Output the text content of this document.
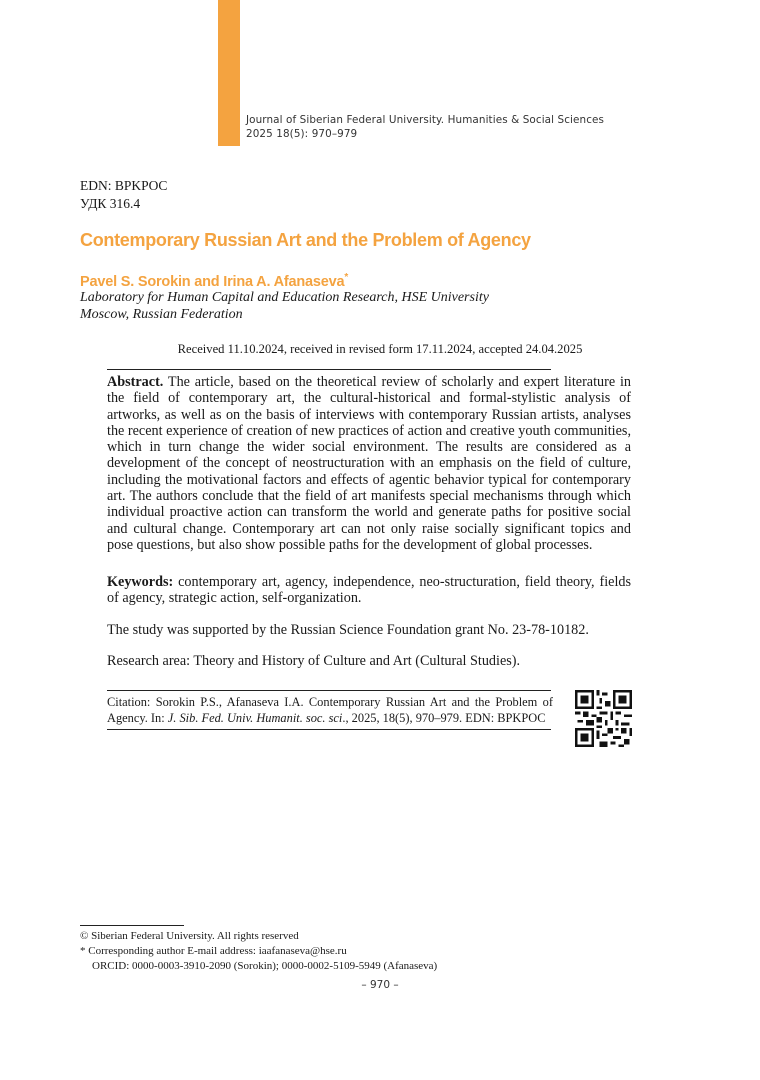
Journal of Siberian Federal University. Humanities & Social Sciences
2025 18(5): 970–979
EDN: BPKPOC
УДК 316.4
Contemporary Russian Art and the Problem of Agency
Pavel S. Sorokin and Irina A. Afanaseva*
Laboratory for Human Capital and Education Research, HSE University
Moscow, Russian Federation
Received 11.10.2024, received in revised form 17.11.2024, accepted 24.04.2025
Abstract. The article, based on the theoretical review of scholarly and expert literature in the field of contemporary art, the cultural-historical and formal-stylistic analysis of artworks, as well as on the basis of interviews with contemporary Russian artists, analyses the recent experience of creation of new practices of action and creative youth communities, which in turn change the wider social environment. The results are considered as a development of the concept of neostructuration with an emphasis on the field of culture, including the motivational factors and effects of agentic behavior typical for contemporary art. The authors conclude that the field of art manifests special mechanisms through which individual proactive action can transform the world and generate paths for positive social and cultural change. Contemporary art can not only raise socially significant topics and pose questions, but also show possible paths for the development of global processes.
Keywords: contemporary art, agency, independence, neo-structuration, field theory, fields of agency, strategic action, self-organization.
The study was supported by the Russian Science Foundation grant No. 23-78-10182.
Research area: Theory and History of Culture and Art (Cultural Studies).
Citation: Sorokin P.S., Afanaseva I.A. Contemporary Russian Art and the Problem of Agency. In: J. Sib. Fed. Univ. Humanit. soc. sci., 2025, 18(5), 970–979. EDN: BPKPOC
© Siberian Federal University. All rights reserved
* Corresponding author E-mail address: iaafanaseva@hse.ru
ORCID: 0000-0003-3910-2090 (Sorokin); 0000-0002-5109-5949 (Afanaseva)
– 970 –
